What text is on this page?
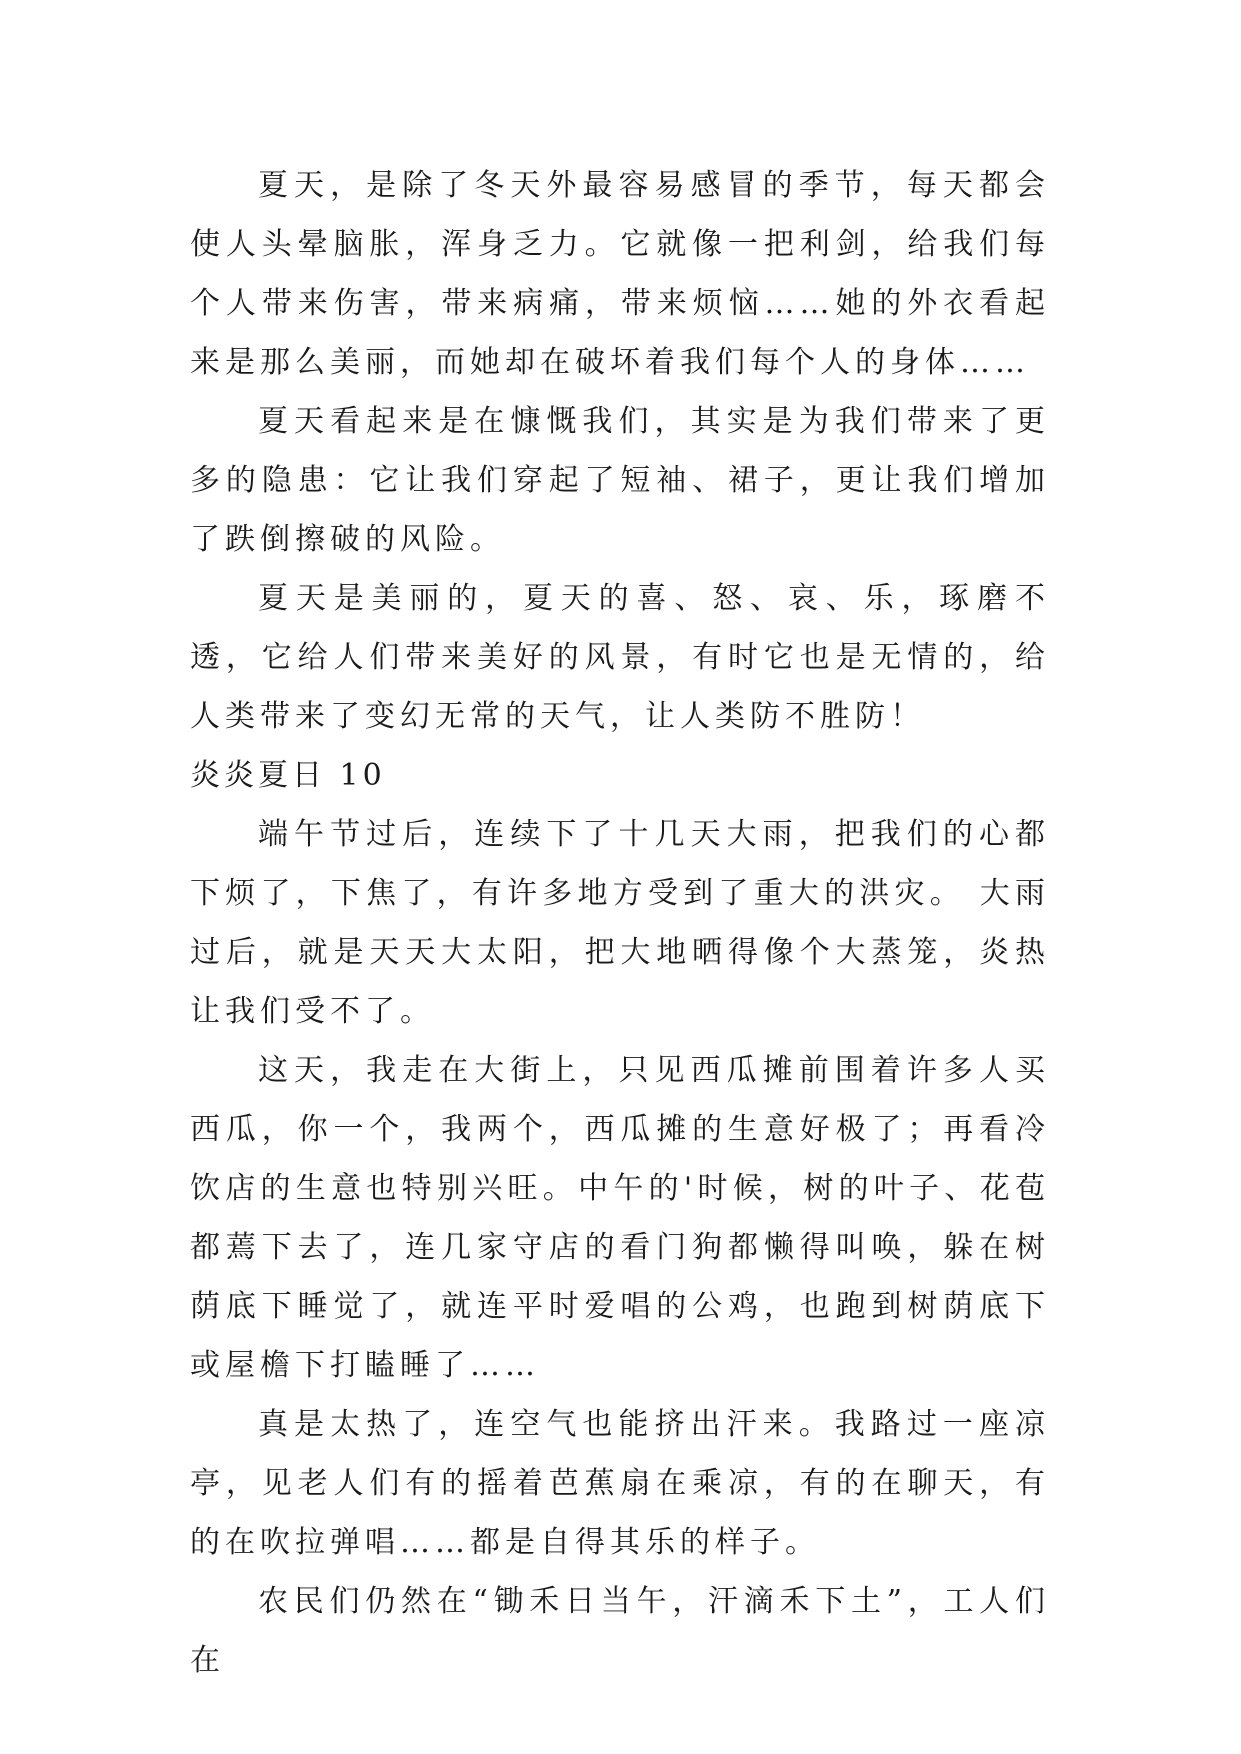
夏天，是除了冬天外最容易感冒的季节，每天都会使人头晕脑胀，浑身乏力。它就像一把利剑，给我们每个人带来伤害，带来病痛，带来烦恼……她的外衣看起来是那么美丽，而她却在破坏着我们每个人的身体……

夏天看起来是在慷慨我们，其实是为我们带来了更多的隐患：它让我们穿起了短袖、裙子，更让我们增加了跌倒擦破的风险。

夏天是美丽的，夏天的喜、怒、哀、乐，琢磨不透，它给人们带来美好的风景，有时它也是无情的，给人类带来了变幻无常的天气，让人类防不胜防！

炎炎夏日 10

端午节过后，连续下了十几天大雨，把我们的心都下烦了，下焦了，有许多地方受到了重大的洪灾。 大雨过后，就是天天大太阳，把大地晒得像个大蒸笼，炎热让我们受不了。

这天，我走在大街上，只见西瓜摊前围着许多人买西瓜，你一个，我两个，西瓜摊的生意好极了；再看冷饮店的生意也特别兴旺。中午的'时候，树的叶子、花苞都蔫下去了，连几家守店的看门狗都懒得叫唤，躲在树荫底下睡觉了，就连平时爱唱的公鸡，也跑到树荫底下或屋檐下打瞌睡了……

真是太热了，连空气也能挤出汗来。我路过一座凉亭，见老人们有的摇着芭蕉扇在乘凉，有的在聊天，有的在吹拉弹唱……都是自得其乐的样子。

农民们仍然在“锄禾日当午，汗滴禾下土”，工人们在
